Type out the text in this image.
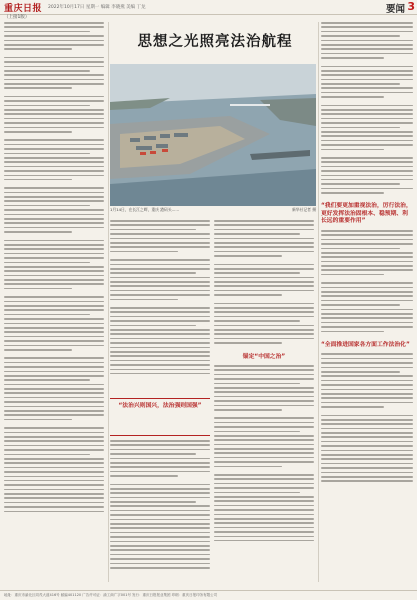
重庆日报 2022年10月17日 星期一 编辑 李晓燕 美编 丁龙	要闻 3
（上接1版）
思想之光照亮法治航程
1月14日，在长江之畔，重庆 港码头……	新华社记者 摄
“法治兴则国兴，法治强则国强”
锚定“中国之治”
“我们要更加重视法治，厉行法治，更好发挥法治固根本、稳预期、利长远的重要作用”
“全面推进国家各方面工作法治化”
地址：重庆市渝北区同茂大道416号 邮编401120 广告许可证：渝工商广字001号 发行：重庆日报报业集团 印刷：重庆日报印务有限公司
